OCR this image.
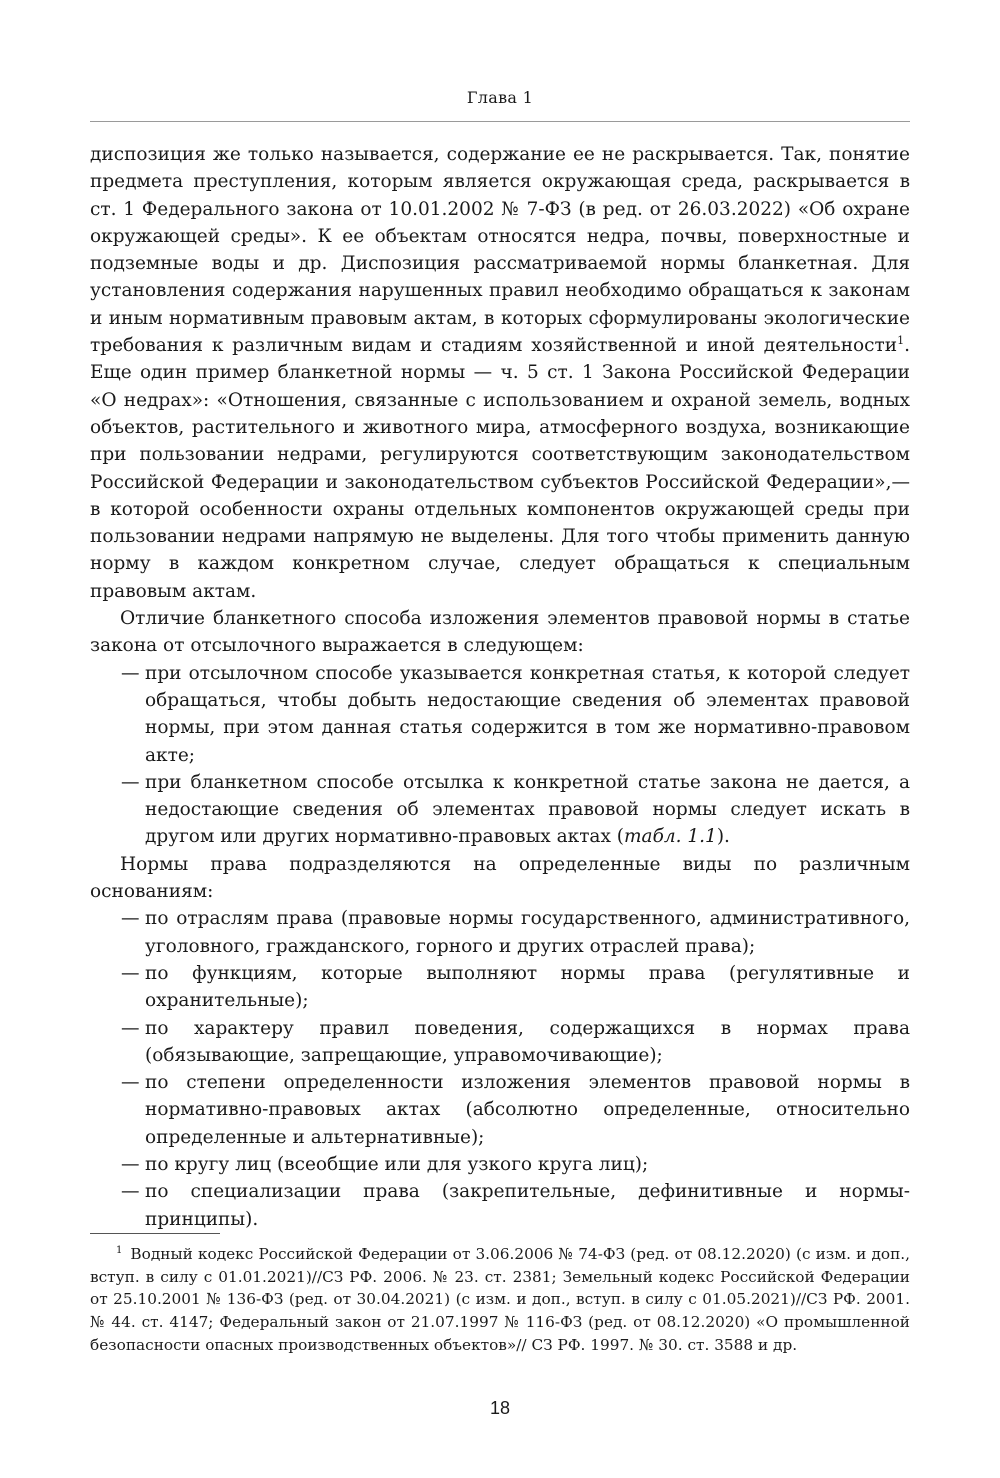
Глава 1

диспозиция же только называется, содержание ее не раскрывается. Так, понятие предмета преступления, которым является окружающая среда, раскрывается в ст. 1 Федерального закона от 10.01.2002 № 7-ФЗ (в ред. от 26.03.2022) «Об охране окружающей среды». К ее объектам относятся недра, почвы, поверхностные и подземные воды и др. Диспозиция рассматриваемой нормы бланкетная. Для установления содержания нарушенных правил необходимо обращаться к законам и иным нормативным правовым актам, в которых сформулированы экологические требования к различным видам и стадиям хозяйственной и иной деятельности$^1$. Еще один пример бланкетной нормы — ч. 5 ст. 1 Закона Российской Федерации «О недрах»: «Отношения, связанные с использованием и охраной земель, водных объектов, растительного и животного мира, атмосферного воздуха, возникающие при пользовании недрами, регулируются соответствующим законодательством Российской Федерации и законодательством субъектов Российской Федерации»,— в которой особенности охраны отдельных компонентов окружающей среды при пользовании недрами напрямую не выделены. Для того чтобы применить данную норму в каждом конкретном случае, следует обращаться к специальным правовым актам.

Отличие бланкетного способа изложения элементов правовой нормы в статье закона от отсылочного выражается в следующем:

— при отсылочном способе указывается конкретная статья, к которой следует обращаться, чтобы добыть недостающие сведения об элементах правовой нормы, при этом данная статья содержится в том же нормативно-правовом акте;
— при бланкетном способе отсылка к конкретной статье закона не дается, а недостающие сведения об элементах правовой нормы следует искать в другом или других нормативно-правовых актах (табл. 1.1).

Нормы права подразделяются на определенные виды по различным основаниям:

— по отраслям права (правовые нормы государственного, административного, уголовного, гражданского, горного и других отраслей права);
— по функциям, которые выполняют нормы права (регулятивные и охранительные);
— по характеру правил поведения, содержащихся в нормах права (обязывающие, запрещающие, управомочивающие);
— по степени определенности изложения элементов правовой нормы в нормативно-правовых актах (абсолютно определенные, относительно определенные и альтернативные);
— по кругу лиц (всеобщие или для узкого круга лиц);
— по специализации права (закрепительные, дефинитивные и нормы-принципы).
$^1$ Водный кодекс Российской Федерации от 3.06.2006 № 74-ФЗ (ред. от 08.12.2020) (с изм. и доп., вступ. в силу с 01.01.2021)//СЗ РФ. 2006. № 23. ст. 2381; Земельный кодекс Российской Федерации от 25.10.2001 № 136-ФЗ (ред. от 30.04.2021) (с изм. и доп., вступ. в силу с 01.05.2021)//СЗ РФ. 2001. № 44. ст. 4147; Федеральный закон от 21.07.1997 № 116-ФЗ (ред. от 08.12.2020) «О промышленной безопасности опасных производственных объектов»// СЗ РФ. 1997. № 30. ст. 3588 и др.
18
